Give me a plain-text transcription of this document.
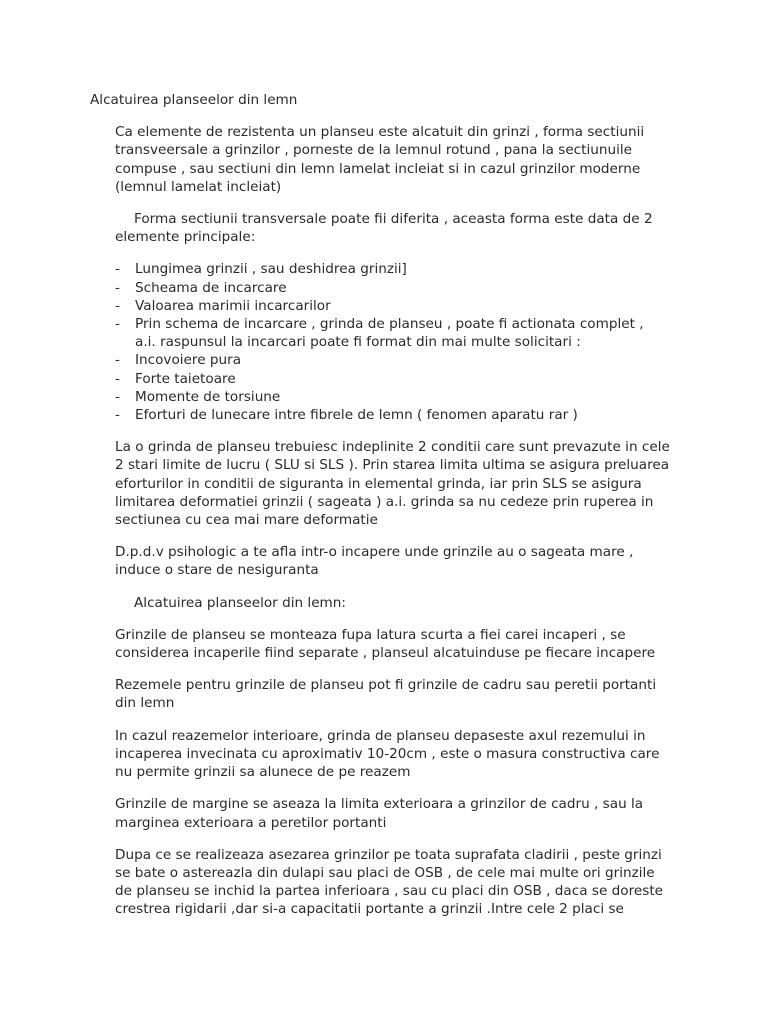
Alcatuirea planseelor din lemn

Ca elemente de rezistenta un planseu este alcatuit din grinzi , forma sectiunii transveersale a grinzilor , porneste de la lemnul rotund , pana la sectiunuile compuse , sau sectiuni din lemn lamelat incleiat si in cazul grinzilor moderne (lemnul lamelat incleiat)

Forma sectiunii transversale poate fii diferita , aceasta forma este data de 2
elemente principale:
- Lungimea grinzii , sau deshidrea grinzii]
- Scheama de incarcare
- Valoarea marimii incarcarilor
- Prin schema de incarcare , grinda de planseu , poate fi actionata complet ,
a.i. raspunsul la incarcari poate fi format din mai multe solicitari :
- Incovoiere pura
- Forte taietoare
- Momente de torsiune
- Eforturi de lunecare intre fibrele de lemn ( fenomen aparatu rar )

La o grinda de planseu trebuiesc indeplinite 2 conditii care sunt prevazute in cele 2 stari limite de lucru ( SLU si SLS ). Prin starea limita ultima se asigura preluarea eforturilor in conditii de siguranta in elemental grinda, iar prin SLS se asigura limitarea deformatiei grinzii ( sageata ) a.i. grinda sa nu cedeze prin ruperea in sectiunea cu cea mai mare deformatie

D.p.d.v psihologic a te afla intr-o incapere unde grinzile au o sageata mare , induce o stare de nesiguranta

Alcatuirea planseelor din lemn:

Grinzile de planseu se monteaza fupa latura scurta a fiei carei incaperi , se considerea incaperile fiind separate , planseul alcatuinduse pe fiecare incapere

Rezemele pentru grinzile de planseu pot fi grinzile de cadru sau peretii portanti din lemn

In cazul reazemelor interioare, grinda de planseu depaseste axul rezemului in incaperea invecinata cu aproximativ 10-20cm , este o masura constructiva care nu permite grinzii sa alunece de pe reazem

Grinzile de margine se aseaza la limita exterioara a grinzilor de cadru , sau la marginea exterioara a peretilor portanti

Dupa ce se realizeaza asezarea grinzilor pe toata suprafata cladirii , peste grinzi se bate o astereazla din dulapi sau placi de OSB , de cele mai multe ori grinzile de planseu se inchid la partea inferioara , sau cu placi din OSB , daca se doreste crestrea rigidarii ,dar si-a capacitatii portante a grinzii .Intre cele 2 placi se
